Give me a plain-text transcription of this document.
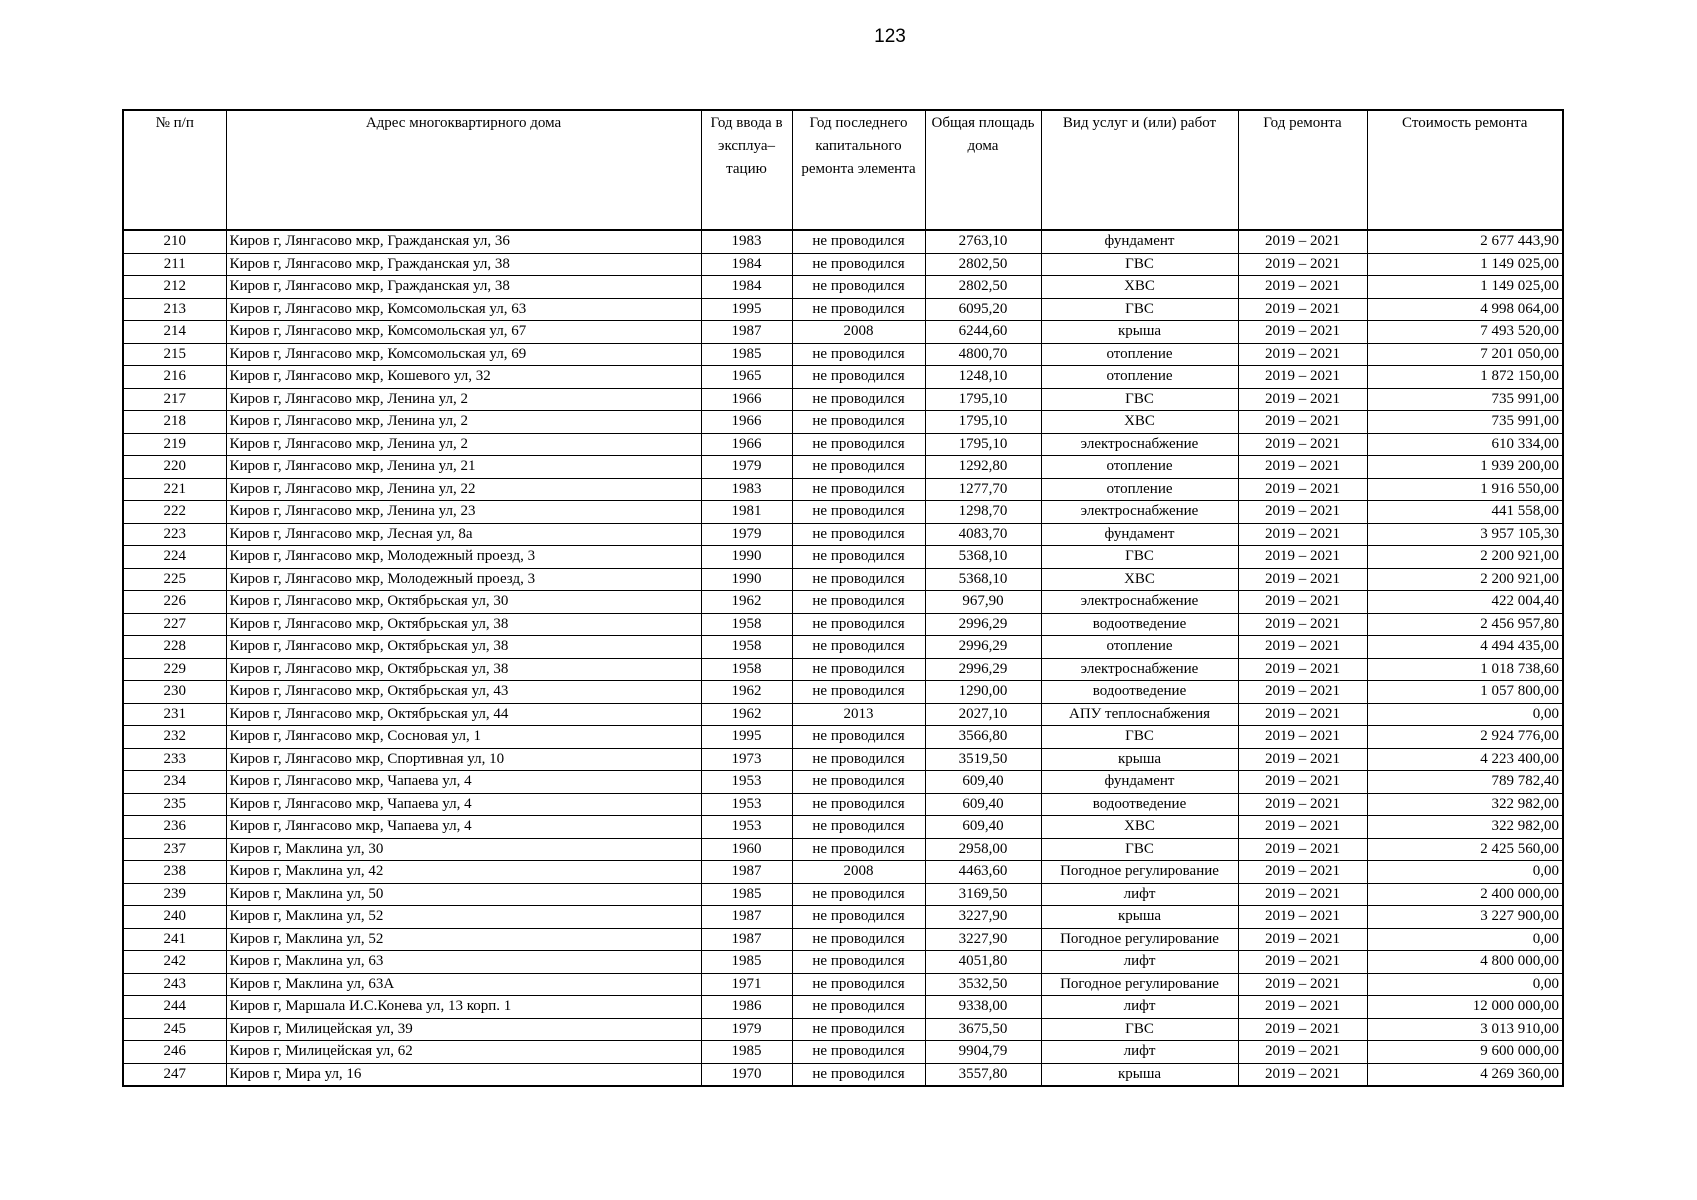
123
№ п/п	Адрес многоквартирного дома	Год ввода в эксплуа–тацию	Год последнего капитального ремонта элемента	Общая площадь дома	Вид услуг и (или) работ	Год ремонта	Стоимость ремонта
210	Киров г, Лянгасово мкр, Гражданская ул, 36	1983	не проводился	2763,10	фундамент	2019 – 2021	2 677 443,90
211	Киров г, Лянгасово мкр, Гражданская ул, 38	1984	не проводился	2802,50	ГВС	2019 – 2021	1 149 025,00
212	Киров г, Лянгасово мкр, Гражданская ул, 38	1984	не проводился	2802,50	ХВС	2019 – 2021	1 149 025,00
213	Киров г, Лянгасово мкр, Комсомольская ул, 63	1995	не проводился	6095,20	ГВС	2019 – 2021	4 998 064,00
214	Киров г, Лянгасово мкр, Комсомольская ул, 67	1987	2008	6244,60	крыша	2019 – 2021	7 493 520,00
215	Киров г, Лянгасово мкр, Комсомольская ул, 69	1985	не проводился	4800,70	отопление	2019 – 2021	7 201 050,00
216	Киров г, Лянгасово мкр, Кошевого ул, 32	1965	не проводился	1248,10	отопление	2019 – 2021	1 872 150,00
217	Киров г, Лянгасово мкр, Ленина ул, 2	1966	не проводился	1795,10	ГВС	2019 – 2021	735 991,00
218	Киров г, Лянгасово мкр, Ленина ул, 2	1966	не проводился	1795,10	ХВС	2019 – 2021	735 991,00
219	Киров г, Лянгасово мкр, Ленина ул, 2	1966	не проводился	1795,10	электроснабжение	2019 – 2021	610 334,00
220	Киров г, Лянгасово мкр, Ленина ул, 21	1979	не проводился	1292,80	отопление	2019 – 2021	1 939 200,00
221	Киров г, Лянгасово мкр, Ленина ул, 22	1983	не проводился	1277,70	отопление	2019 – 2021	1 916 550,00
222	Киров г, Лянгасово мкр, Ленина ул, 23	1981	не проводился	1298,70	электроснабжение	2019 – 2021	441 558,00
223	Киров г, Лянгасово мкр, Лесная ул, 8а	1979	не проводился	4083,70	фундамент	2019 – 2021	3 957 105,30
224	Киров г, Лянгасово мкр, Молодежный проезд, 3	1990	не проводился	5368,10	ГВС	2019 – 2021	2 200 921,00
225	Киров г, Лянгасово мкр, Молодежный проезд, 3	1990	не проводился	5368,10	ХВС	2019 – 2021	2 200 921,00
226	Киров г, Лянгасово мкр, Октябрьская ул, 30	1962	не проводился	967,90	электроснабжение	2019 – 2021	422 004,40
227	Киров г, Лянгасово мкр, Октябрьская ул, 38	1958	не проводился	2996,29	водоотведение	2019 – 2021	2 456 957,80
228	Киров г, Лянгасово мкр, Октябрьская ул, 38	1958	не проводился	2996,29	отопление	2019 – 2021	4 494 435,00
229	Киров г, Лянгасово мкр, Октябрьская ул, 38	1958	не проводился	2996,29	электроснабжение	2019 – 2021	1 018 738,60
230	Киров г, Лянгасово мкр, Октябрьская ул, 43	1962	не проводился	1290,00	водоотведение	2019 – 2021	1 057 800,00
231	Киров г, Лянгасово мкр, Октябрьская ул, 44	1962	2013	2027,10	АПУ теплоснабжения	2019 – 2021	0,00
232	Киров г, Лянгасово мкр, Сосновая ул, 1	1995	не проводился	3566,80	ГВС	2019 – 2021	2 924 776,00
233	Киров г, Лянгасово мкр, Спортивная ул, 10	1973	не проводился	3519,50	крыша	2019 – 2021	4 223 400,00
234	Киров г, Лянгасово мкр, Чапаева ул, 4	1953	не проводился	609,40	фундамент	2019 – 2021	789 782,40
235	Киров г, Лянгасово мкр, Чапаева ул, 4	1953	не проводился	609,40	водоотведение	2019 – 2021	322 982,00
236	Киров г, Лянгасово мкр, Чапаева ул, 4	1953	не проводился	609,40	ХВС	2019 – 2021	322 982,00
237	Киров г, Маклина ул, 30	1960	не проводился	2958,00	ГВС	2019 – 2021	2 425 560,00
238	Киров г, Маклина ул, 42	1987	2008	4463,60	Погодное регулирование	2019 – 2021	0,00
239	Киров г, Маклина ул, 50	1985	не проводился	3169,50	лифт	2019 – 2021	2 400 000,00
240	Киров г, Маклина ул, 52	1987	не проводился	3227,90	крыша	2019 – 2021	3 227 900,00
241	Киров г, Маклина ул, 52	1987	не проводился	3227,90	Погодное регулирование	2019 – 2021	0,00
242	Киров г, Маклина ул, 63	1985	не проводился	4051,80	лифт	2019 – 2021	4 800 000,00
243	Киров г, Маклина ул, 63А	1971	не проводился	3532,50	Погодное регулирование	2019 – 2021	0,00
244	Киров г, Маршала И.С.Конева ул, 13 корп. 1	1986	не проводился	9338,00	лифт	2019 – 2021	12 000 000,00
245	Киров г, Милицейская ул, 39	1979	не проводился	3675,50	ГВС	2019 – 2021	3 013 910,00
246	Киров г, Милицейская ул, 62	1985	не проводился	9904,79	лифт	2019 – 2021	9 600 000,00
247	Киров г, Мира ул, 16	1970	не проводился	3557,80	крыша	2019 – 2021	4 269 360,00
